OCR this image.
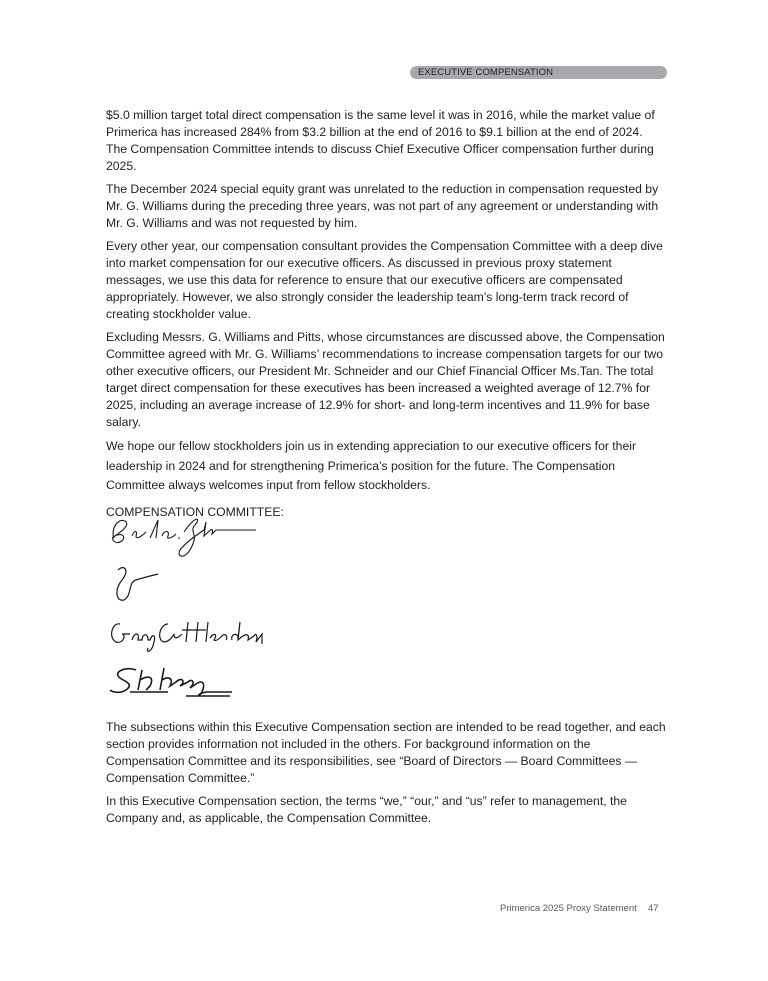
EXECUTIVE COMPENSATION

$5.0 million target total direct compensation is the same level it was in 2016, while the market value of Primerica has increased 284% from $3.2 billion at the end of 2016 to $9.1 billion at the end of 2024. The Compensation Committee intends to discuss Chief Executive Officer compensation further during 2025.

The December 2024 special equity grant was unrelated to the reduction in compensation requested by Mr. G. Williams during the preceding three years, was not part of any agreement or understanding with Mr. G. Williams and was not requested by him.

Every other year, our compensation consultant provides the Compensation Committee with a deep dive into market compensation for our executive officers. As discussed in previous proxy statement messages, we use this data for reference to ensure that our executive officers are compensated appropriately. However, we also strongly consider the leadership team’s long-term track record of creating stockholder value.

Excluding Messrs. G. Williams and Pitts, whose circumstances are discussed above, the Compensation Committee agreed with Mr. G. Williams’ recommendations to increase compensation targets for our two other executive officers, our President Mr. Schneider and our Chief Financial Officer Ms.Tan. The total target direct compensation for these executives has been increased a weighted average of 12.7% for 2025, including an average increase of 12.9% for short- and long-term incentives and 11.9% for base salary.

We hope our fellow stockholders join us in extending appreciation to our executive officers for their leadership in 2024 and for strengthening Primerica’s position for the future. The Compensation Committee always welcomes input from fellow stockholders.

COMPENSATION COMMITTEE:

The subsections within this Executive Compensation section are intended to be read together, and each section provides information not included in the others. For background information on the Compensation Committee and its responsibilities, see “Board of Directors — Board Committees — Compensation Committee.”

In this Executive Compensation section, the terms “we,” “our,” and “us” refer to management, the Company and, as applicable, the Compensation Committee.

Primerica 2025 Proxy Statement 47
